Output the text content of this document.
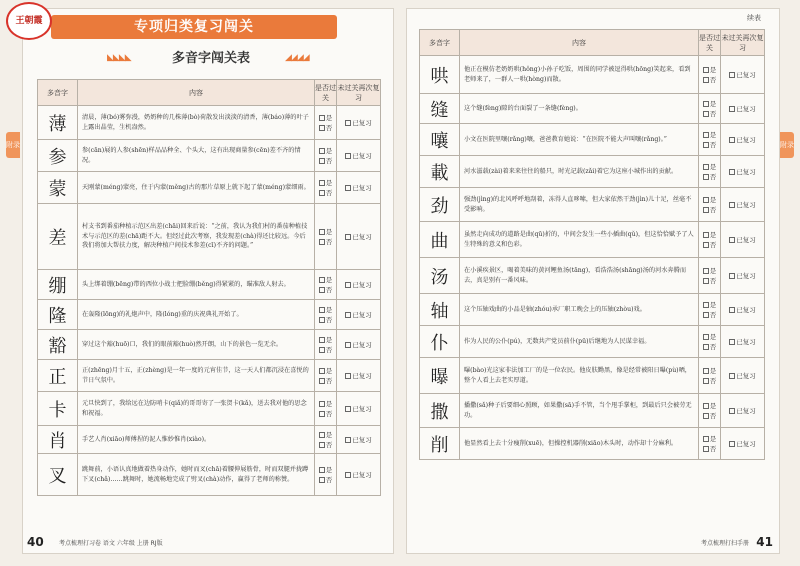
专项归类复习闯关
多音字闯关表
◣◣◣◣	◢◢◢◢
多音字	内容	是否过关	未过关再次复习
薄	清晨，薄(bó)雾弥漫，奶奶种的几株薄(bò)荷散发出淡淡的清香，薄(báo)薄的叶子上露出晶莹，生机盎然。	是
否	已复习
参	参(cān)展的人参(shēn)样品品种全、个头大，这有出现商量参(cēn)差不齐的情况。	是
否	已复习
蒙	天刚蒙(méng)蒙亮，住于内蒙(měng)古的那片草原上就下起了蒙(méng)蒙细雨。	是
否	已复习
差	村支书到番茄种植示范区出差(chāi)回来后说：“之前，我认为我们村的番茄种植技术与示范区的差(chā)距不大。但经过此次考察，我发现差(chà)得还比较远。今后我们将加大帮扶力度，解决种植户间技术参差(cī)不齐的问题。”	是
否	已复习
绷	头上绑着绷(bēng)带的西位小战士把脸绷(běng)得紧紧的，瞄准敌人射去。	是
否	已复习
隆	在轰隆(lōng)的礼炮声中，隆(lóng)重的庆祝典礼开始了。	是
否	已复习
豁	穿过这个豁(huō)口，我们的眼前豁(huò)然开朗，山下的景色一览无余。	是
否	已复习
正	正(zhēng)月十五，正(zhèng)是一年一度的元宵佳节，这一天人们都沉浸在喜悦的节日气氛中。	是
否	已复习
卡	元旦快到了，我给远在边防哨卡(qiǎ)的哥哥寄了一张贺卡(kǎ)，送去我对他的思念和祝福。	是
否	已复习
肖	手艺人肖(xiāo)师傅捏的泥人惟妙惟肖(xiào)。	是
否	已复习
叉	跳舞前，小语认真地做着热身动作，她时而叉(chā)着腰伸展筋骨，时而双腿并拢蹲下叉(chǎ)……跳舞时，她流畅地完成了劈叉(chà)动作，赢得了老师的称赞。	是
否	已复习
40	考点梳理打习卷 语文 六年级 上册 RJ版
附录
续表
多音字	内容	是否过关	未过关再次复习
哄	他正在模仿老奶奶哄(hǒng)小孙子吃饭，周围的同学被逗得哄(hōng)笑起来，看到老师来了，一群人一哄(hòng)而散。	是
否	已复习
缝	这个缝(fèng)隙的台面裂了一条缝(fèng)。	是
否	已复习
嚷	小文在医院里嚷(rǎng)嚷，爸爸教育她说：“在医院不能大声叫嚷(rǎng)。”	是
否	已复习
載	河水滋载(zài)着来来往往的船只，时光记载(zǎi)着它为这座小城作出的贡献。	是
否	已复习
劲	强劲(jìng)的北风呼呼地刮着，冻得人直哆嗦，但大家依然干劲(jìn)儿十足，丝毫不受影响。	是
否	已复习
曲	虽然走向成功的道路是曲(qū)折的，中间会发生一些小插曲(qǔ)，但这恰恰赋予了人生特殊的意义和色彩。	是
否	已复习
汤	在小溪疾景区，喝着美味的黄河鲤鱼汤(tāng)，看浩浩汤(shāng)汤的河水奔腾而去，真是别有一番风味。	是
否	已复习
轴	这个压轴戏曲的小品是轴(zhóu)承厂职工晚会上的压轴(zhòu)戏。	是
否	已复习
仆	作为人民的公仆(pú)，无数共产党员前仆(pū)后继地为人民谋幸福。	是
否	已复习
曝	曝(bào)光这家非法加工厂的是一位农民。他皮肤黝黑，像是经常被阳日曝(pù)晒，整个人看上去老实厚道。	是
否	已复习
撒	播撒(sǎ)种子后要细心照顾，如果撒(sā)手不管，当个甩手掌柜，到最后只会被劳无功。	是
否	已复习
削	他显然看上去十分瘦削(xuē)，但操控机器削(xiāo)木头时，动作却十分麻利。	是
否	已复习
考点梳理打扫手册 41
附录
王朝霞
